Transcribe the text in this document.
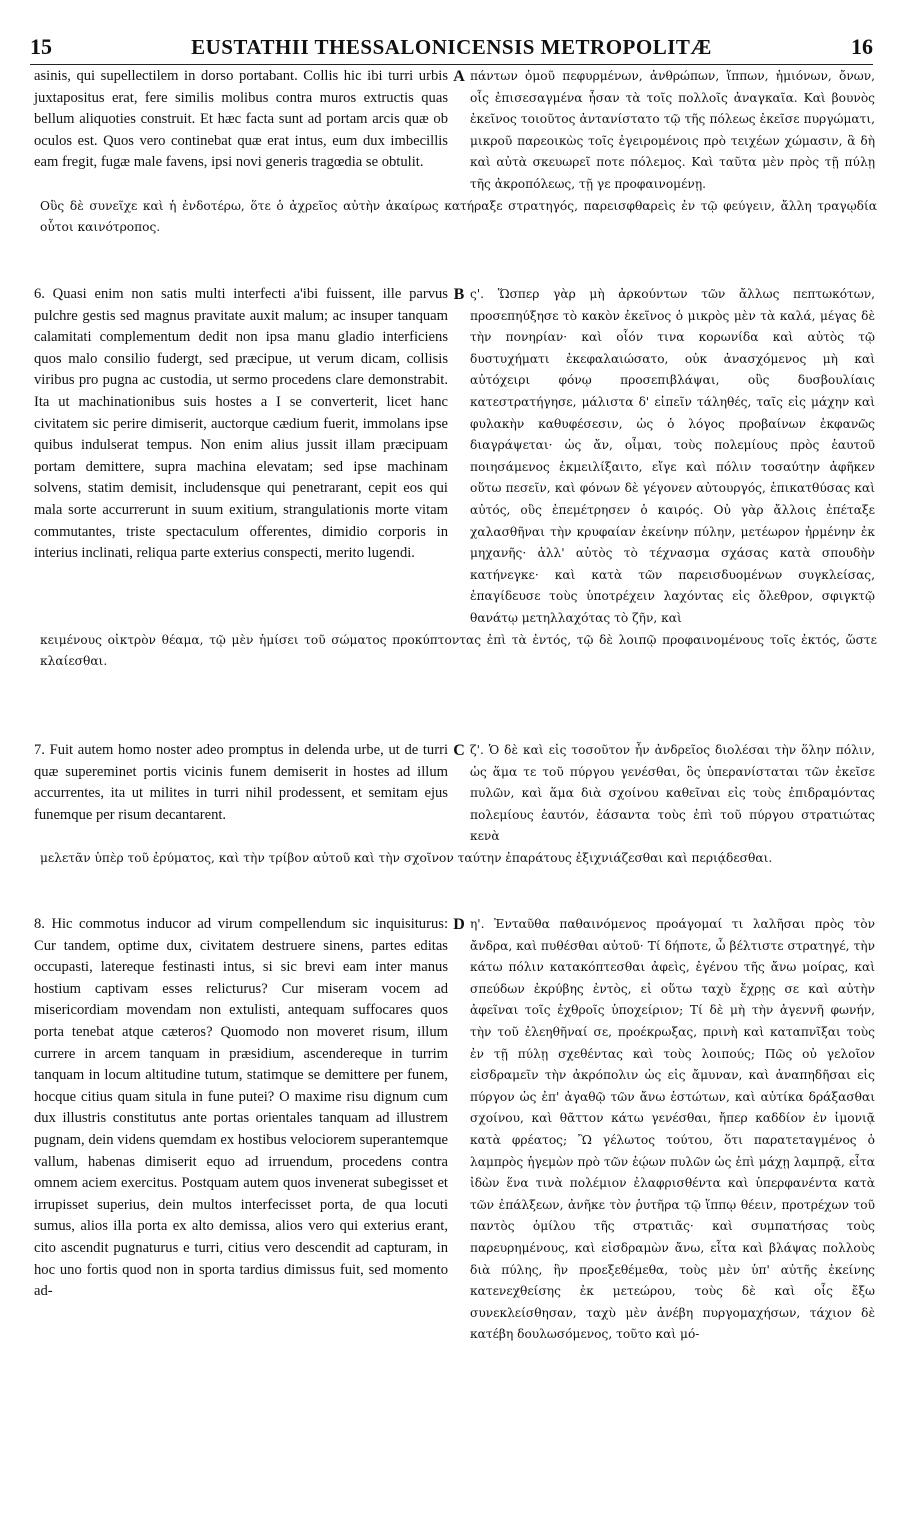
15	EUSTATHII THESSALONICENSIS METROPOLITÆ	16
asinis, qui supellectilem in dorso portabant. Collis hic ibi turri urbis juxtapositus erat, fere similis molibus contra muros extructis quas bellum aliquoties construit. Et hæc facta sunt ad portam arcis quæ ob oculos est. Quos vero continebat quæ erat intus, eum dux imbecillis eam fregit, fugæ male favens, ipsi novi generis tragœdia se obtulit.
A πάντων ὁμοῦ πεφυρμένων, ἀνθρώπων, ἵππων, ἡμιόνων, ὄνων, οἷς ἐπισεσαγμένα ἦσαν τὰ τοῖς πολλοῖς ἀναγκαῖα. Καὶ βουνὸς ἐκεῖνος τοιοῦτος ἀντανίστατο τῷ τῆς πόλεως ἐκεῖσε πυργώματι, μικροῦ παρεοικὼς τοῖς ἐγειρομένοις πρὸ τειχέων χώμασιν, ἃ δὴ καὶ αὐτὰ σκευωρεῖ ποτε πόλεμος. Καὶ ταῦτα μὲν πρὸς τῇ πύλῃ τῆς ἀκροπόλεως, τῇ γε προφαινομένῃ.
Οὓς δὲ συνεῖχε καὶ ἡ ἐνδοτέρω, ὅτε ὁ ἀχρεῖος αὐτὴν ἀκαίρως κατήραξε στρατηγός, παρεισφθαρεὶς ἐν τῷ φεύγειν, ἄλλη τραγῳδία οὗτοι καινότροπος.
6. Quasi enim non satis multi interfecti a'ibi fuissent, ille parvus pulchre gestis sed magnus pravitate auxit malum; ac insuper tanquam calamitati complementum dedit non ipsa manu gladio interficiens quos malo consilio fudergt, sed præcipue, ut verum dicam, collisis viribus pro pugna ac custodia, ut sermo procedens clare demonstrabit. Ita ut machinationibus suis hostes a I se converterit, licet hanc civitatem sic perire dimiserit, auctorque cædium fuerit, immolans ipse quibus indulserat tempus. Non enim alius jussit illam præcipuam portam demittere, supra machina elevatam; sed ipse machinam solvens, statim demisit, includensque qui penetrarant, cepit eos qui mala sorte accurrerunt in suum exitium, strangulationis morte vitam commutantes, triste spectaculum offerentes, dimidio corporis in interius inclinati, reliqua parte exterius conspecti, merito lugendi.
B ς'. Ὥσπερ γὰρ μὴ ἀρκούντων τῶν ἄλλως πεπτωκότων, προσεπηύξησε τὸ κακὸν ἐκεῖνος ὁ μικρὸς μὲν τὰ καλά, μέγας δὲ τὴν πονηρίαν· καὶ οἷόν τινα κορωνίδα καὶ αὐτὸς τῷ δυστυχήματι ἐκεφαλαιώσατο, οὐκ ἀνασχόμενος μὴ καὶ αὐτόχειρι φόνῳ προσεπιβλάψαι, οὓς δυσβουλίαις κατεστρατήγησε, μάλιστα δ' εἰπεῖν τάληθές, ταῖς εἰς μάχην καὶ φυλακὴν καθυφέσεσιν, ὡς ὁ λόγος προβαίνων ἐκφανῶς διαγράψεται· ὡς ἄν, οἶμαι, τοὺς πολεμίους πρὸς ἑαυτοῦ ποιησάμενος ἐκμειλίξαιτο, εἴγε καὶ πόλιν τοσαύτην ἀφῆκεν οὕτω πεσεῖν, καὶ φόνων δὲ γέγονεν αὐτουργός, ἐπικατθύσας καὶ αὐτός, οὓς ἐπεμέτρησεν ὁ καιρός. Οὐ γὰρ ἄλλοις ἐπέταξε χαλασθῆναι τὴν κρυφαίαν ἐκείνην πύλην, μετέωρον ἠρμένην ἐκ μηχανῆς· ἀλλ' αὐτὸς τὸ τέχνασμα σχάσας κατὰ σπουδὴν κατήνεγκε· καὶ κατὰ τῶν παρεισδυομένων συγκλείσας, ἐπαγίδευσε τοὺς ὑποτρέχειν λαχόντας εἰς ὄλεθρον, σφιγκτῷ θανάτῳ μετηλλαχότας τὸ ζῆν, καὶ
κειμένους οἰκτρὸν θέαμα, τῷ μὲν ἡμίσει τοῦ σώματος προκύπτοντας ἐπὶ τὰ ἐντός, τῷ δὲ λοιπῷ προφαινομένους τοῖς ἐκτός, ὥστε κλαίεσθαι.
7. Fuit autem homo noster adeo promptus in delenda urbe, ut de turri quæ supereminet portis vicinis funem demiserit in hostes ad illum accurrentes, ita ut milites in turri nihil prodessent, et semitam ejus funemque per risum decantarent.
C ζ'. Ὁ δὲ καὶ εἰς τοσοῦτον ἦν ἀνδρεῖος διολέσαι τὴν ὅλην πόλιν, ὡς ἅμα τε τοῦ πύργου γενέσθαι, ὃς ὑπερανίσταται τῶν ἐκεῖσε πυλῶν, καὶ ἅμα διὰ σχοίνου καθεῖναι εἰς τοὺς ἐπιδραμόντας πολεμίους ἑαυτόν, ἐάσαντα τοὺς ἐπὶ τοῦ πύργου στρατιώτας κενὰ
μελετᾶν ὑπὲρ τοῦ ἐρύματος, καὶ τὴν τρίβον αὐτοῦ καὶ τὴν σχοῖνον ταύτην ἐπαράτους ἐξιχνιάζεσθαι καὶ περιᾴδεσθαι.
8. Hic commotus inducor ad virum compellendum sic inquisiturus: Cur tandem, optime dux, civitatem destruere sinens, partes editas occupasti, latereque festinasti intus, si sic brevi eam inter manus hostium captivam esses relicturus? Cur miseram vocem ad misericordiam movendam non extulisti, antequam suffocares quos porta tenebat atque cæteros? Quomodo non moveret risum, illum currere in arcem tanquam in præsidium, ascendereque in turrim tanquam in locum altitudine tutum, statimque se demittere per funem, hocque citius quam situla in fune putei? O maxime risu dignum cum dux illustris constitutus ante portas orientales tanquam ad illustrem pugnam, dein videns quemdam ex hostibus velociorem superantemque vallum, habenas dimiserit equo ad irruendum, procedens contra omnem aciem exercitus. Postquam autem quos invenerat subegisset et irrupisset superius, dein multos interfecisset porta, de qua locuti sumus, alios illa porta ex alto demissa, alios vero qui exterius erant, cito ascendit pugnaturus e turri, citius vero descendit ad capturam, in hoc uno fortis quod non in sporta tardius dimissus fuit, sed momento ad-
D η'. Ἐνταῦθα παθαινόμενος προάγομαί τι λαλῆσαι πρὸς τὸν ἄνδρα, καὶ πυθέσθαι αὐτοῦ· Τί δήποτε, ὦ βέλτιστε στρατηγέ, τὴν κάτω πόλιν κατακόπτεσθαι ἀφεὶς, ἐγένου τῆς ἄνω μοίρας, καὶ σπεύδων ἐκρύβης ἐντὸς, εἰ οὕτω ταχὺ ἔχρῃς σε καὶ αὐτὴν ἀφεῖναι τοῖς ἐχθροῖς ὑποχείριον; Τί δὲ μὴ τὴν ἀγεννῆ φωνήν, τὴν τοῦ ἐλεηθῆναί σε, προέκρωξας, πρινὴ καὶ καταπνῖξαι τοὺς ἐν τῇ πύλῃ σχεθέντας καὶ τοὺς λοιπούς; Πῶς οὐ γελοῖον εἰσδραμεῖν τὴν ἀκρόπολιν ὡς εἰς ἄμυναν, καὶ ἀναπηδῆσαι εἰς πύργον ὡς ἐπ' ἀγαθῷ τῶν ἄνω ἑστώτων, καὶ αὐτίκα δράξασθαι σχοίνου, καὶ θᾶττον κάτω γενέσθαι, ἤπερ καδδίον ἐν ἱμονιᾷ κατὰ φρέατος; Ὢ γέλωτος τούτου, ὅτι παρατεταγμένος ὁ λαμπρὸς ἡγεμὼν πρὸ τῶν ἑῴων πυλῶν ὡς ἐπὶ μάχῃ λαμπρᾷ, εἶτα ἰδὼν ἕνα τινὰ πολέμιον ἐλαφρισθέντα καὶ ὑπερφανέντα κατὰ τῶν ἐπάλξεων, ἀνῆκε τὸν ῥυτῆρα τῷ ἵππῳ θέειν, προτρέχων τοῦ παντὸς ὁμίλου τῆς στρατιᾶς· καὶ συμπατήσας τοὺς παρευρημένους, καὶ εἰσδραμὼν ἄνω, εἶτα καὶ βλάψας πολλοὺς διὰ πύλης, ἣν προεξεθέμεθα, τοὺς μὲν ὑπ' αὐτῆς ἐκείνης κατενεχθείσης ἐκ μετεώρου, τοὺς δὲ καὶ οἷς ἔξω συνεκλείσθησαν, ταχὺ μὲν ἀνέβη πυργομαχήσων, τάχιον δὲ κατέβη δουλωσόμενος, τοῦτο καὶ μό-
